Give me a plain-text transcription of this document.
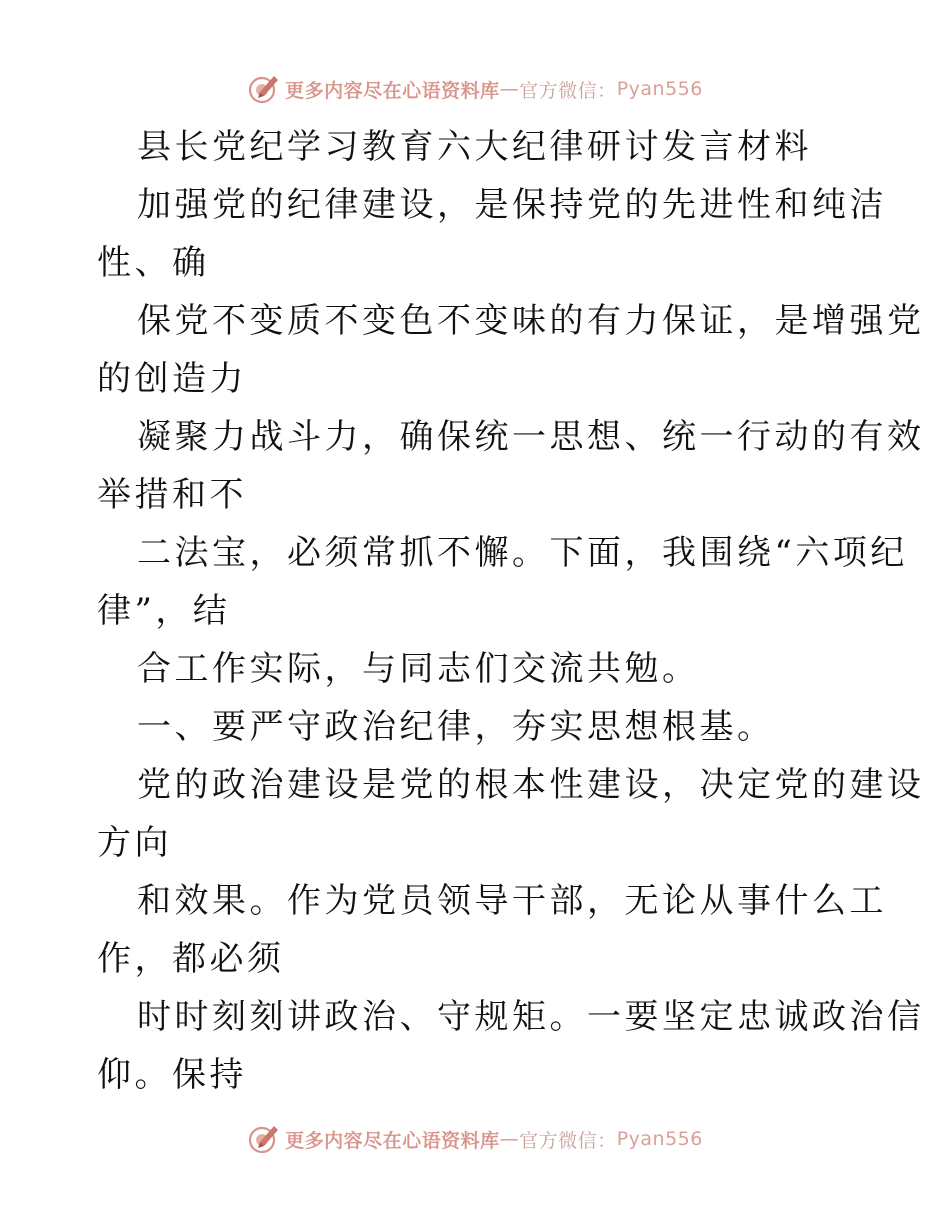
更多内容尽在心语资料库 — 官方微信： Pyan556
县长党纪学习教育六大纪律研讨发言材料
加强党的纪律建设，是保持党的先进性和纯洁
性、确
保党不变质不变色不变味的有力保证，是增强党
的创造力
凝聚力战斗力，确保统一思想、统一行动的有效
举措和不
二法宝，必须常抓不懈。下面，我围绕“六项纪
律”，结
合工作实际，与同志们交流共勉。
一、要严守政治纪律，夯实思想根基。
党的政治建设是党的根本性建设，决定党的建设
方向
和效果。作为党员领导干部，无论从事什么工
作，都必须
时时刻刻讲政治、守规矩。一要坚定忠诚政治信
仰。保持
更多内容尽在心语资料库 — 官方微信： Pyan556
